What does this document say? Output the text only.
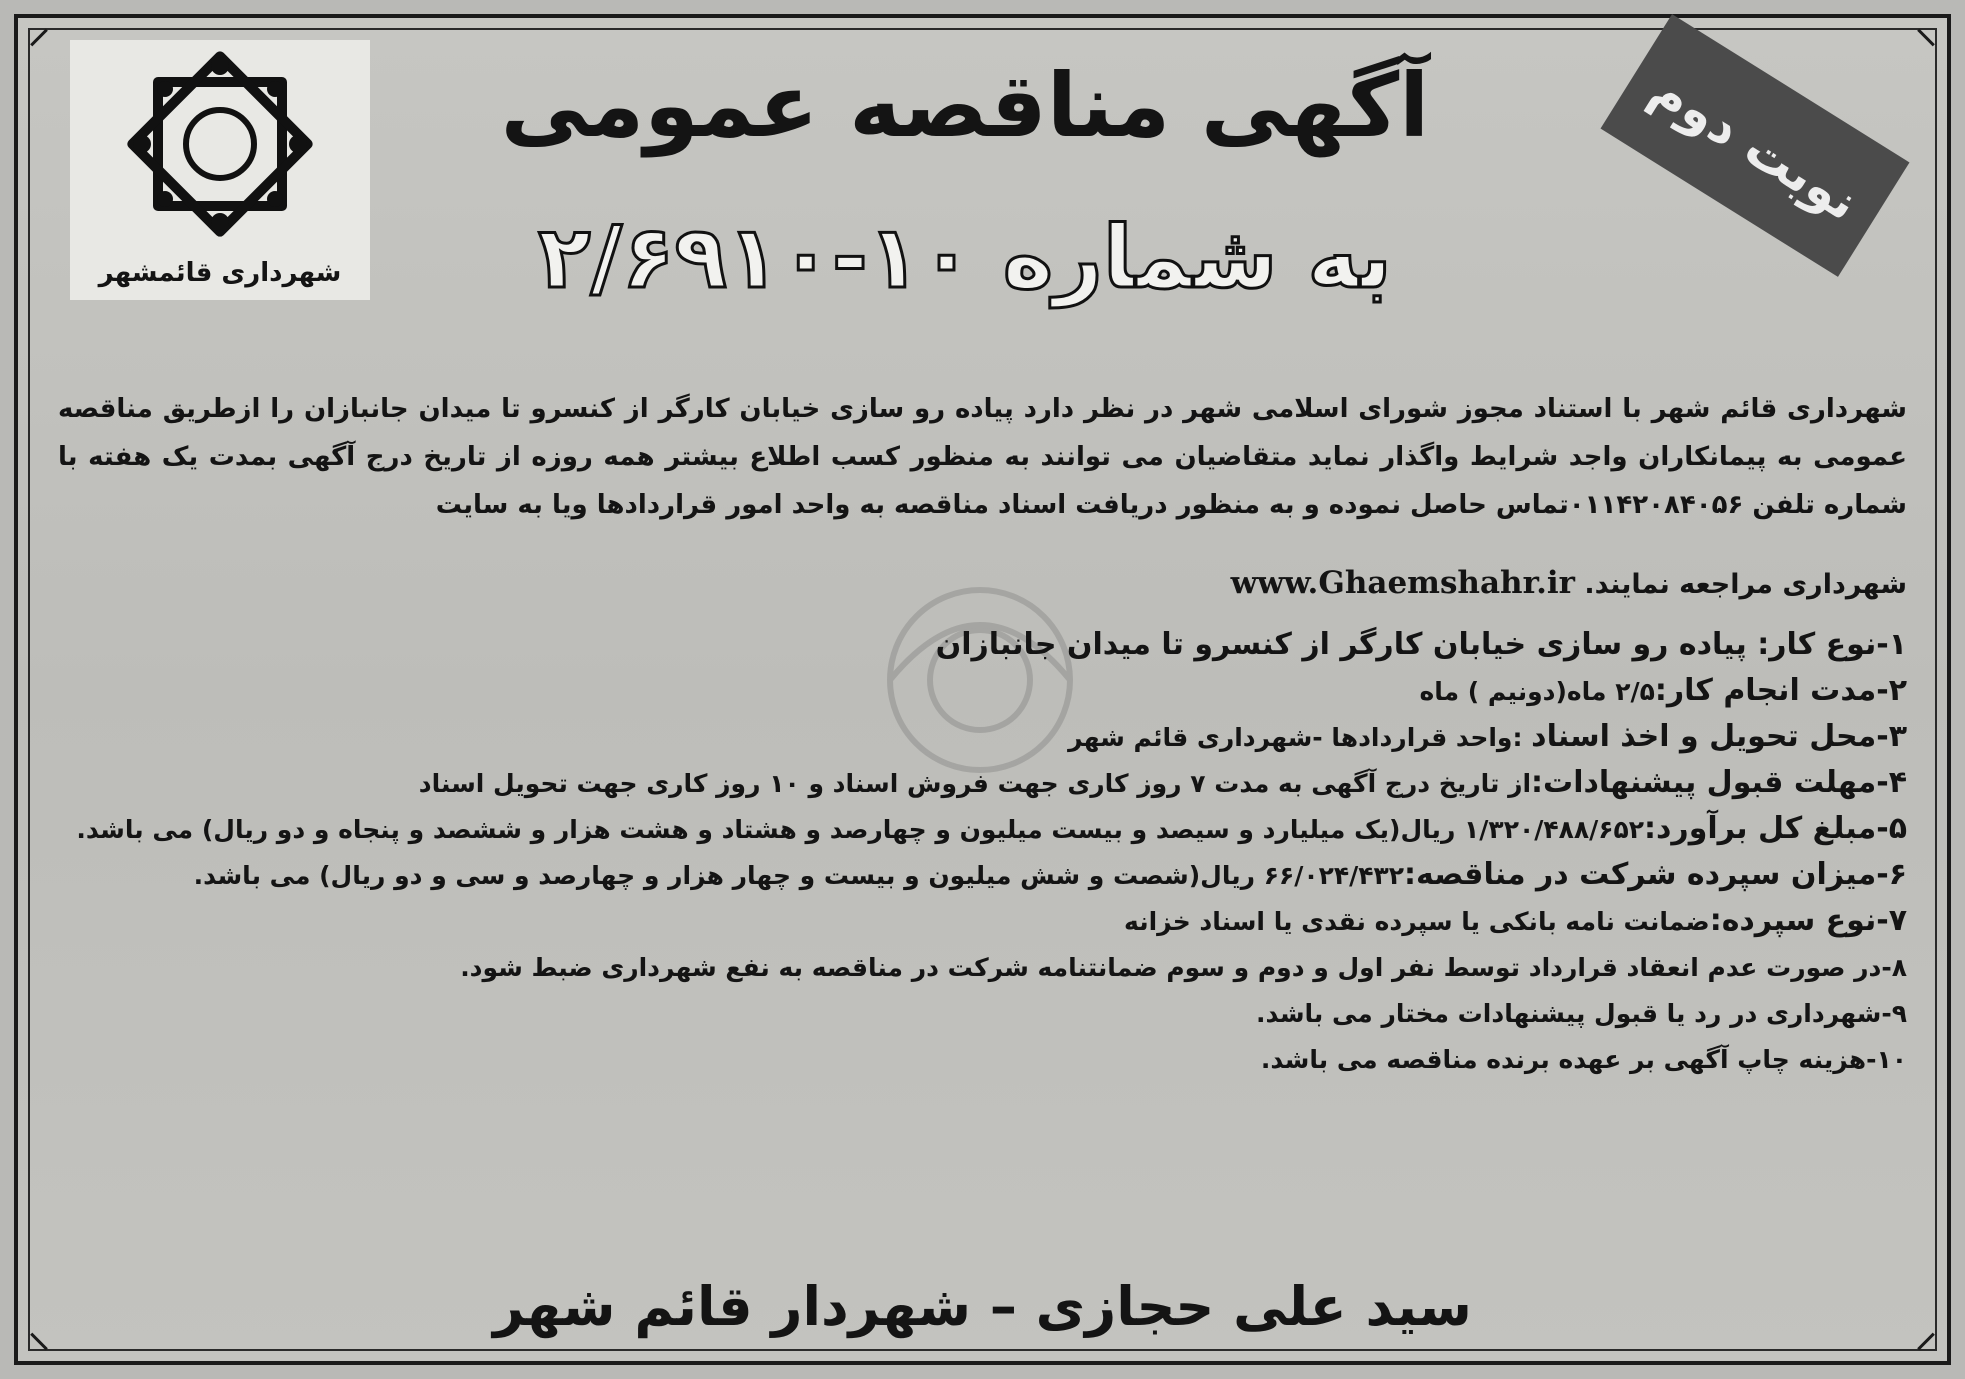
شهرداری قائمشهر
نوبت دوم
آگهی مناقصه عمومی
به شماره ۱۰-۲/۶۹۱۰
شهرداری قائم شهر با استناد مجوز شورای اسلامی شهر در نظر دارد پیاده رو سازی خیابان کارگر از کنسرو تا میدان جانبازان را ازطریق مناقصه عمومی به پیمانکاران واجد شرایط واگذار نماید متقاضیان می توانند به منظور کسب اطلاع بیشتر همه روزه از تاریخ درج آگهی بمدت یک هفته با شماره تلفن ۰۱۱۴۲۰۸۴۰۵۶تماس حاصل نموده و به منظور دریافت اسناد مناقصه به واحد امور قراردادها ویا به سایت
شهرداری مراجعه نمایند. www.Ghaemshahr.ir
۱-نوع کار: پیاده رو سازی خیابان کارگر از کنسرو تا میدان جانبازان
۲-مدت انجام کار:۲/۵ ماه(دونیم ) ماه
۳-محل تحویل و اخذ اسناد :واحد قراردادها -شهرداری قائم شهر
۴-مهلت قبول پیشنهادات:از تاریخ درج آگهی به مدت ۷ روز کاری جهت فروش اسناد و ۱۰ روز کاری جهت تحویل اسناد
۵-مبلغ کل برآورد:۱/۳۲۰/۴۸۸/۶۵۲ ریال(یک میلیارد و سیصد و بیست میلیون و چهارصد و هشتاد و هشت هزار و ششصد و پنجاه و دو ریال) می باشد.
۶-میزان سپرده شرکت در مناقصه:۶۶/۰۲۴/۴۳۲ ریال(شصت و شش میلیون و بیست و چهار هزار و چهارصد و سی و دو ریال) می باشد.
۷-نوع سپرده:ضمانت نامه بانکی یا سپرده نقدی یا اسناد خزانه
۸-در صورت عدم انعقاد قرارداد توسط نفر اول و دوم و سوم ضمانتنامه شرکت در مناقصه به نفع شهرداری ضبط شود.
۹-شهرداری در رد یا قبول پیشنهادات مختار می باشد.
۱۰-هزینه چاپ آگهی بر عهده برنده مناقصه می باشد.
سید علی حجازی – شهردار قائم شهر
